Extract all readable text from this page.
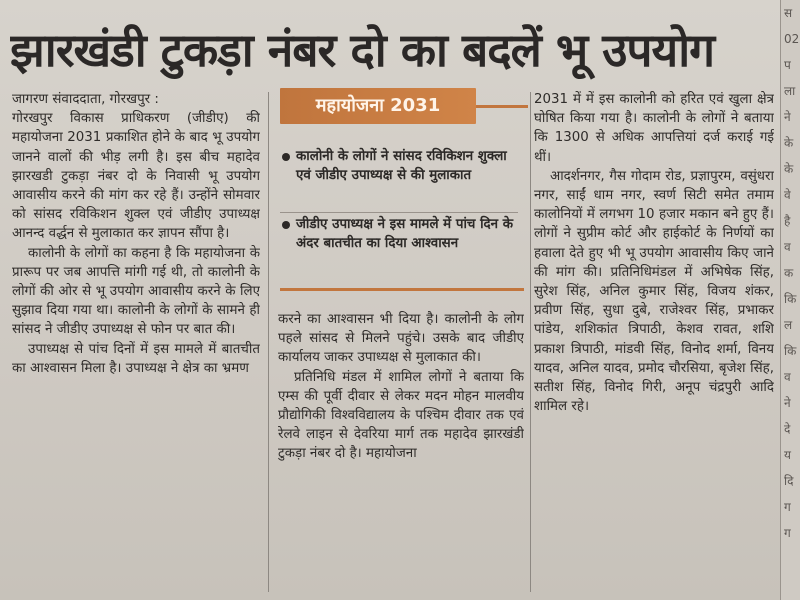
झारखंडी टुकड़ा नंबर दो का बदलें भू उपयोग

जागरण संवाददाता, गोरखपुर :

गोरखपुर विकास प्राधिकरण (जीडीए) की महायोजना 2031 प्रकाशित होने के बाद भू उपयोग जानने वालों की भीड़ लगी है। इस बीच महादेव झारखडी टुकड़ा नंबर दो के निवासी भू उपयोग आवासीय करने की मांग कर रहे हैं। उन्होंने सोमवार को सांसद रविकिशन शुक्ल एवं जीडीए उपाध्यक्ष आनन्द वर्द्धन से मुलाकात कर ज्ञापन सौंपा है।

कालोनी के लोगों का कहना है कि महायोजना के प्रारूप पर जब आपत्ति मांगी गई थी, तो कालोनी के लोगों की ओर से भू उपयोग आवासीय करने के लिए सुझाव दिया गया था। कालोनी के लोगों के सामने ही सांसद ने जीडीए उपाध्यक्ष से फोन पर बात की।

उपाध्यक्ष से पांच दिनों में इस मामले में बातचीत का आश्वासन मिला है। उपाध्यक्ष ने क्षेत्र का भ्रमण

महायोजना 2031
कालोनी के लोगों ने सांसद रविकिशन शुक्ला एवं जीडीए उपाध्यक्ष से की मुलाकात
जीडीए उपाध्यक्ष ने इस मामले में पांच दिन के अंदर बातचीत का दिया आश्वासन

करने का आश्वासन भी दिया है। कालोनी के लोग पहले सांसद से मिलने पहुंचे। उसके बाद जीडीए कार्यालय जाकर उपाध्यक्ष से मुलाकात की।

प्रतिनिधि मंडल में शामिल लोगों ने बताया कि एम्स की पूर्वी दीवार से लेकर मदन मोहन मालवीय प्रौद्योगिकी विश्वविद्यालय के पश्चिम दीवार तक एवं रेलवे लाइन से देवरिया मार्ग तक महादेव झारखंडी टुकड़ा नंबर दो है। महायोजना

2031 में में इस कालोनी को हरित एवं खुला क्षेत्र घोषित किया गया है। कालोनी के लोगों ने बताया कि 1300 से अधिक आपत्तियां दर्ज कराई गई थीं।

आदर्शनगर, गैस गोदाम रोड, प्रज्ञापुरम, वसुंधरा नगर, साईं धाम नगर, स्वर्ण सिटी समेत तमाम कालोनियों में लगभग 10 हजार मकान बने हुए हैं। लोगों ने सुप्रीम कोर्ट और हाईकोर्ट के निर्णयों का हवाला देते हुए भी भू उपयोग आवासीय किए जाने की मांग की। प्रतिनिधिमंडल में अभिषेक सिंह, सुरेश सिंह, अनिल कुमार सिंह, विजय शंकर, प्रवीण सिंह, सुधा दुबे, राजेश्वर सिंह, प्रभाकर पांडेय, शशिकांत त्रिपाठी, केशव रावत, शशि प्रकाश त्रिपाठी, मांडवी सिंह, विनोद शर्मा, विनय यादव, अनिल यादव, प्रमोद चौरसिया, बृजेश सिंह, सतीश सिंह, विनोद गिरी, अनूप चंद्रपुरी आदि शामिल रहे।

स
02
प
ला
ने
के
के
वे
है
व
क
कि
ल
कि
व
ने
दे
य
दि
ग
ग
